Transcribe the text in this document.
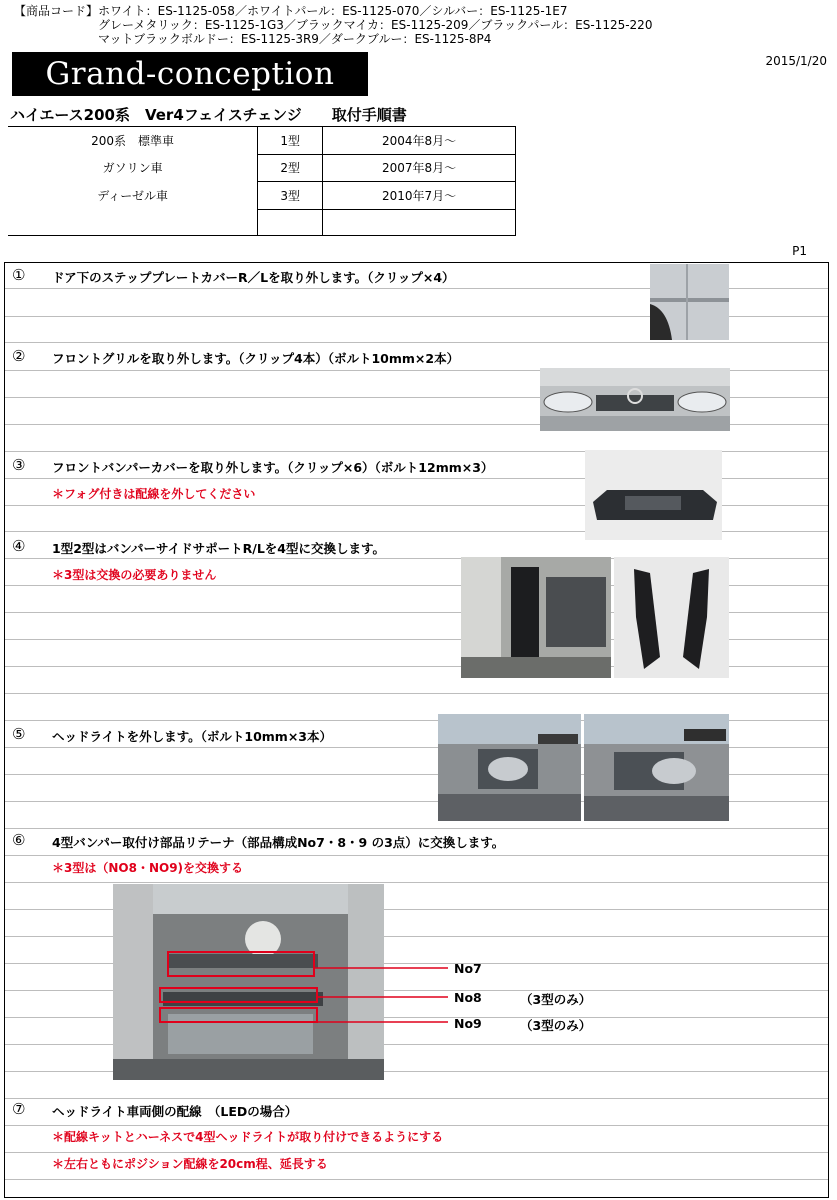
【商品コード】ホワイト：ES-1125-058／ホワイトパール：ES-1125-070／シルバー：ES-1125-1E7
グレーメタリック：ES-1125-1G3／ブラックマイカ：ES-1125-209／ブラックパール：ES-1125-220
マットブラックボルドー：ES-1125-3R9／ダークブルー：ES-1125-8P4
Grand-conception	2015/1/20
ハイエース200系　Ver4フェイスチェンジ　　取付手順書
200系　標準車	1型	2004年8月～
ガソリン車	2型	2007年8月～
ディーゼル車	3型	2010年7月～

P1
① ドア下のステッププレートカバーR／Lを取り外します。（クリップ×4）
② フロントグリルを取り外します。（クリップ4本）（ボルト10mm×2本）
③ フロントバンパーカバーを取り外します。（クリップ×6）（ボルト12mm×3）
＊フォグ付きは配線を外してください
④ 1型2型はバンパーサイドサポートR/Lを4型に交換します。
＊3型は交換の必要ありません
⑤ ヘッドライトを外します。（ボルト10mm×3本）
⑥ 4型バンパー取付け部品リテーナ（部品構成No7・8・9 の3点）に交換します。
＊3型は（NO8・NO9)を交換する
No7
No8	（3型のみ）
No9	（3型のみ）
⑦ ヘッドライト車両側の配線　（LEDの場合）
＊配線キットとハーネスで4型ヘッドライトが取り付けできるようにする
＊左右ともにポジション配線を20cm程、延長する
